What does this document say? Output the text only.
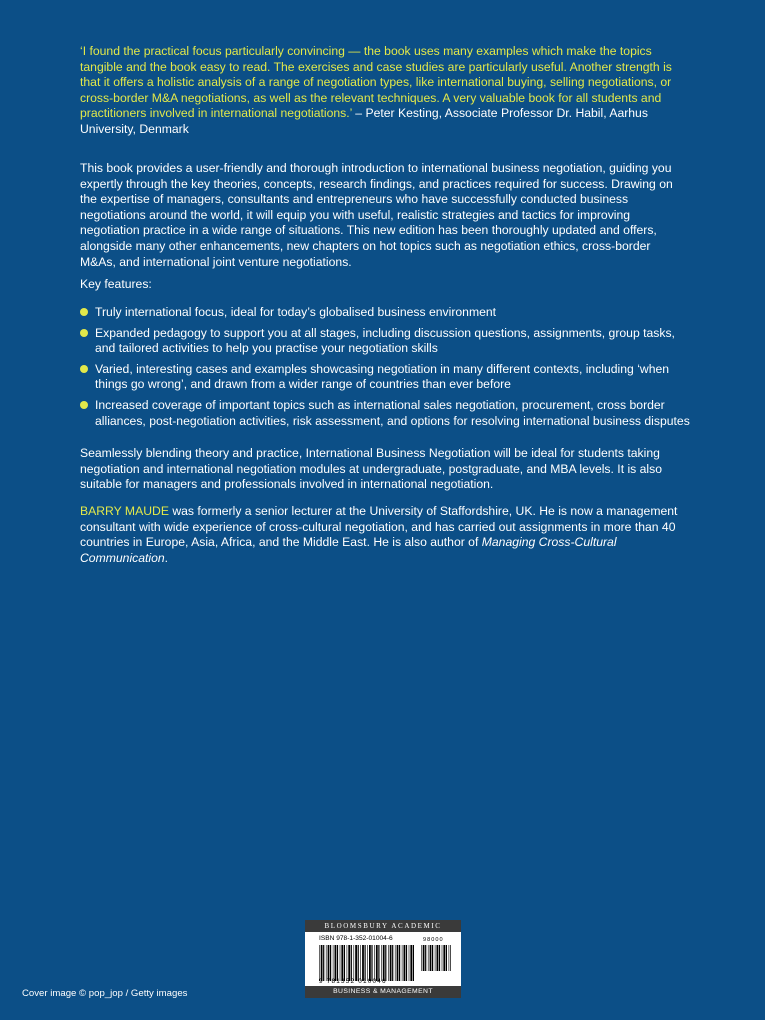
‘I found the practical focus particularly convincing — the book uses many examples which make the topics tangible and the book easy to read. The exercises and case studies are particularly useful. Another strength is that it offers a holistic analysis of a range of negotiation types, like international buying, selling negotiations, or cross-border M&A negotiations, as well as the relevant techniques. A very valuable book for all students and practitioners involved in international negotiations.’ – Peter Kesting, Associate Professor Dr. Habil, Aarhus University, Denmark

This book provides a user-friendly and thorough introduction to international business negotiation, guiding you expertly through the key theories, concepts, research findings, and practices required for success. Drawing on the expertise of managers, consultants and entrepreneurs who have successfully conducted business negotiations around the world, it will equip you with useful, realistic strategies and tactics for improving negotiation practice in a wide range of situations. This new edition has been thoroughly updated and offers, alongside many other enhancements, new chapters on hot topics such as negotiation ethics, cross-border M&As, and international joint venture negotiations.

Key features:

Truly international focus, ideal for today’s globalised business environment
Expanded pedagogy to support you at all stages, including discussion questions, assignments, group tasks, and tailored activities to help you practise your negotiation skills
Varied, interesting cases and examples showcasing negotiation in many different contexts, including ‘when things go wrong’, and drawn from a wider range of countries than ever before
Increased coverage of important topics such as international sales negotiation, procurement, cross border alliances, post-negotiation activities, risk assessment, and options for resolving international business disputes

Seamlessly blending theory and practice, International Business Negotiation will be ideal for students taking negotiation and international negotiation modules at undergraduate, postgraduate, and MBA levels. It is also suitable for managers and professionals involved in international negotiation.

BARRY MAUDE was formerly a senior lecturer at the University of Staffordshire, UK. He is now a management consultant with wide experience of cross-cultural negotiation, and has carried out assignments in more than 40 countries in Europe, Asia, Africa, and the Middle East. He is also author of Managing Cross-Cultural Communication.

Cover image © pop_jop / Getty images

BLOOMSBURY ACADEMIC
ISBN 978-1-352-01004-6	98000
9 781352 010046
BUSINESS & MANAGEMENT
